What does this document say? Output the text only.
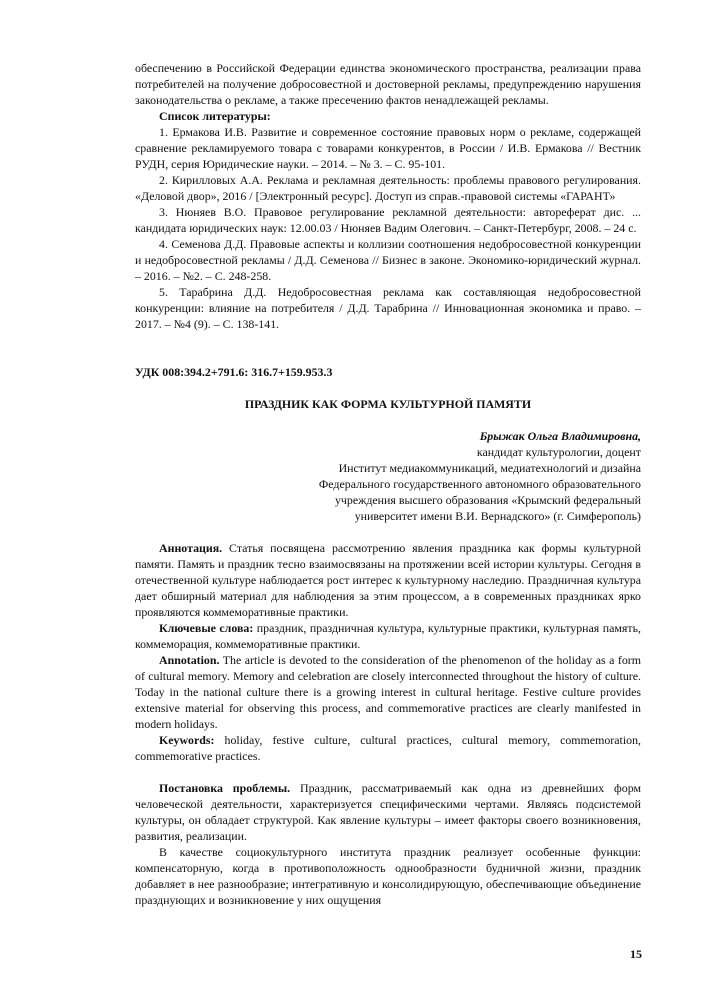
обеспечению в Российской Федерации единства экономического пространства, реализации права потребителей на получение добросовестной и достоверной рекламы, предупреждению нарушения законодательства о рекламе, а также пресечению фактов ненадлежащей рекламы.

Список литературы:

1. Ермакова И.В. Развитие и современное состояние правовых норм о рекламе, содержащей сравнение рекламируемого товара с товарами конкурентов, в России / И.В. Ермакова // Вестник РУДН, серия Юридические науки. – 2014. – № 3. – С. 95-101.

2. Кирилловых А.А. Реклама и рекламная деятельность: проблемы правового регулирования. «Деловой двор», 2016 / [Электронный ресурс]. Доступ из справ.-правовой системы «ГАРАНТ»

3. Нюняев В.О. Правовое регулирование рекламной деятельности: автореферат дис. ... кандидата юридических наук: 12.00.03 / Нюняев Вадим Олегович. – Санкт-Петербург, 2008. – 24 с.

4. Семенова Д.Д. Правовые аспекты и коллизии соотношения недобросовестной конкуренции и недобросовестной рекламы / Д.Д. Семенова // Бизнес в законе. Экономико-юридический журнал. – 2016. – №2. – С. 248-258.

5. Тарабрина Д.Д. Недобросовестная реклама как составляющая недобросовестной конкуренции: влияние на потребителя / Д.Д. Тарабрина // Инновационная экономика и право. – 2017. – №4 (9). – С. 138-141.

УДК 008:394.2+791.6: 316.7+159.953.3

ПРАЗДНИК КАК ФОРМА КУЛЬТУРНОЙ ПАМЯТИ

Брыжак Ольга Владимировна,

кандидат культурологии, доцент

Институт медиакоммуникаций, медиатехнологий и дизайна

Федерального государственного автономного образовательного

учреждения высшего образования «Крымский федеральный

университет имени В.И. Вернадского» (г. Симферополь)

Аннотация. Статья посвящена рассмотрению явления праздника как формы культурной памяти. Память и праздник тесно взаимосвязаны на протяжении всей истории культуры. Сегодня в отечественной культуре наблюдается рост интерес к культурному наследию. Праздничная культура дает обширный материал для наблюдения за этим процессом, а в современных праздниках ярко проявляются коммеморативные практики.

Ключевые слова: праздник, праздничная культура, культурные практики, культурная память, коммеморация, коммеморативные практики.

Annotation. The article is devoted to the consideration of the phenomenon of the holiday as a form of cultural memory. Memory and celebration are closely interconnected throughout the history of culture. Today in the national culture there is a growing interest in cultural heritage. Festive culture provides extensive material for observing this process, and commemorative practices are clearly manifested in modern holidays.

Keywords: holiday, festive culture, cultural practices, cultural memory, commemoration, commemorative practices.

Постановка проблемы. Праздник, рассматриваемый как одна из древнейших форм человеческой деятельности, характеризуется специфическими чертами. Являясь подсистемой культуры, он обладает структурой. Как явление культуры – имеет факторы своего возникновения, развития, реализации.

В качестве социокультурного института праздник реализует особенные функции: компенсаторную, когда в противоположность однообразности будничной жизни, праздник добавляет в нее разнообразие; интегративную и консолидирующую, обеспечивающие объединение празднующих и возникновение у них ощущения

15
